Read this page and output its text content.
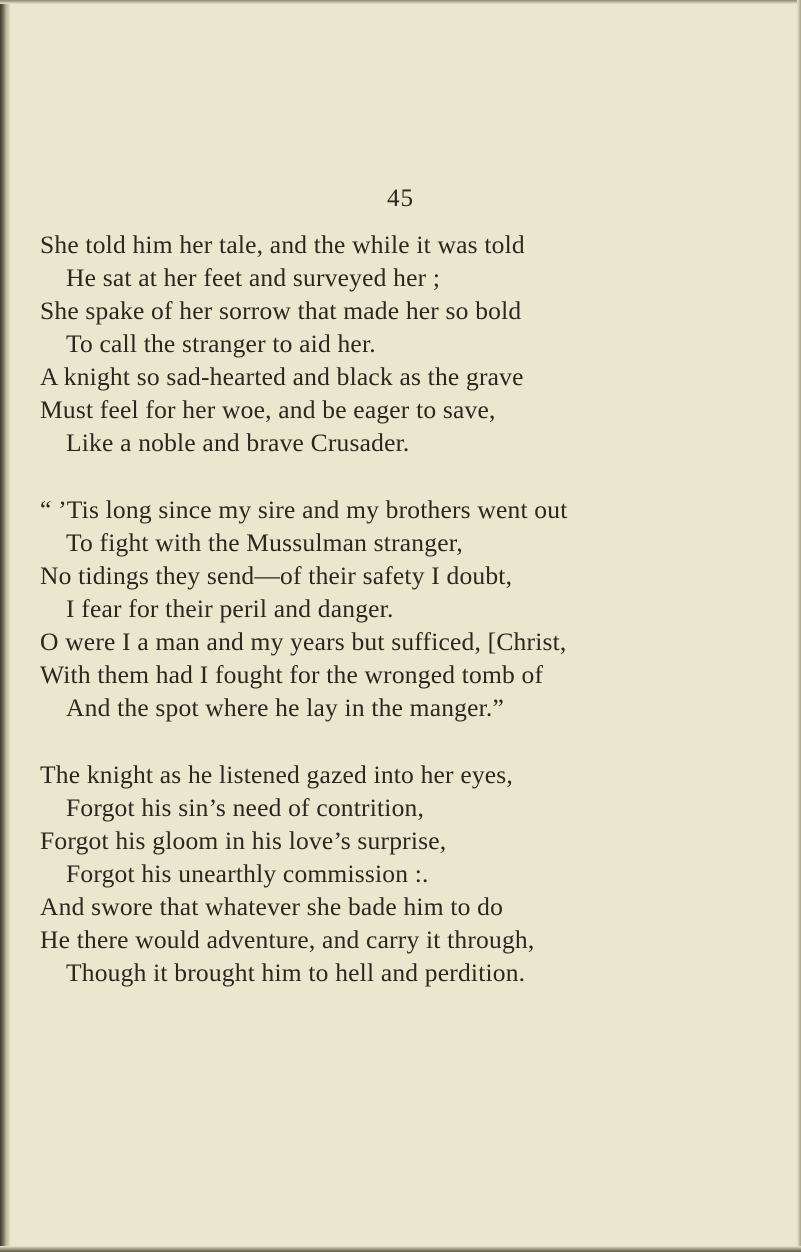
45
She told him her tale, and the while it was told
He sat at her feet and surveyed her ;
She spake of her sorrow that made her so bold
To call the stranger to aid her.
A knight so sad-hearted and black as the grave
Must feel for her woe, and be eager to save,
Like a noble and brave Crusader.
“ ’Tis long since my sire and my brothers went out
To fight with the Mussulman stranger,
No tidings they send—of their safety I doubt,
I fear for their peril and danger.
O were I a man and my years but sufficed, [Christ,
With them had I fought for the wronged tomb of
And the spot where he lay in the manger.”
The knight as he listened gazed into her eyes,
Forgot his sin’s need of contrition,
Forgot his gloom in his love’s surprise,
Forgot his unearthly commission :.
And swore that whatever she bade him to do
He there would adventure, and carry it through,
Though it brought him to hell and perdition.
